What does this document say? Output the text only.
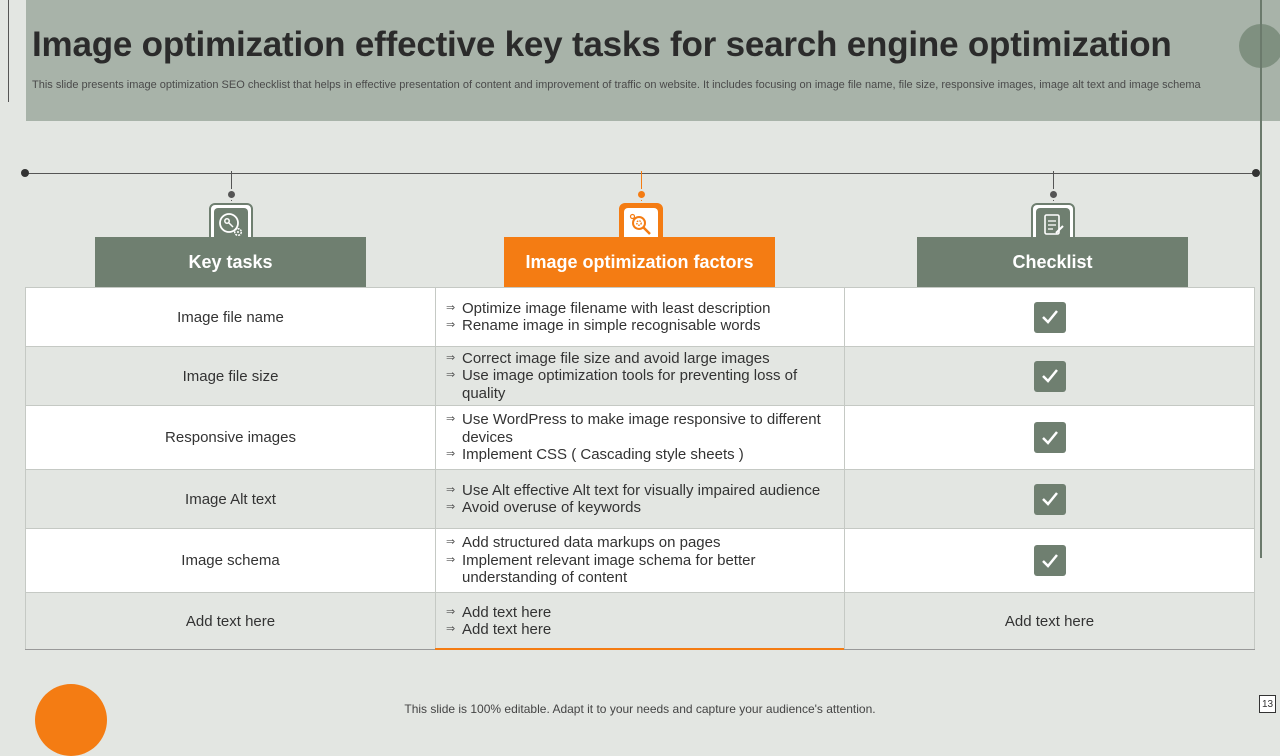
Image optimization effective key tasks for search engine optimization
This slide presents image optimization SEO checklist that helps in effective presentation of content and improvement of traffic on website. It includes focusing on image file name, file size, responsive images, image alt text and image schema
Key tasks	Image optimization factors	Checklist
Image file name
⇒ Optimize image filename with least description
⇒ Rename image in simple recognisable words
Image file size
⇒ Correct image file size and avoid large images
⇒ Use image optimization tools for preventing loss of quality
Responsive images
⇒ Use WordPress to make image responsive to different devices
⇒ Implement CSS ( Cascading style sheets )
Image Alt text
⇒ Use Alt effective Alt text for visually impaired audience
⇒ Avoid overuse of keywords
Image schema
⇒ Add structured data markups on pages
⇒ Implement relevant image schema for better understanding of content
Add text here
⇒ Add text here
⇒ Add text here	Add text here
This slide is 100% editable. Adapt it to your needs and capture your audience's attention.	13
